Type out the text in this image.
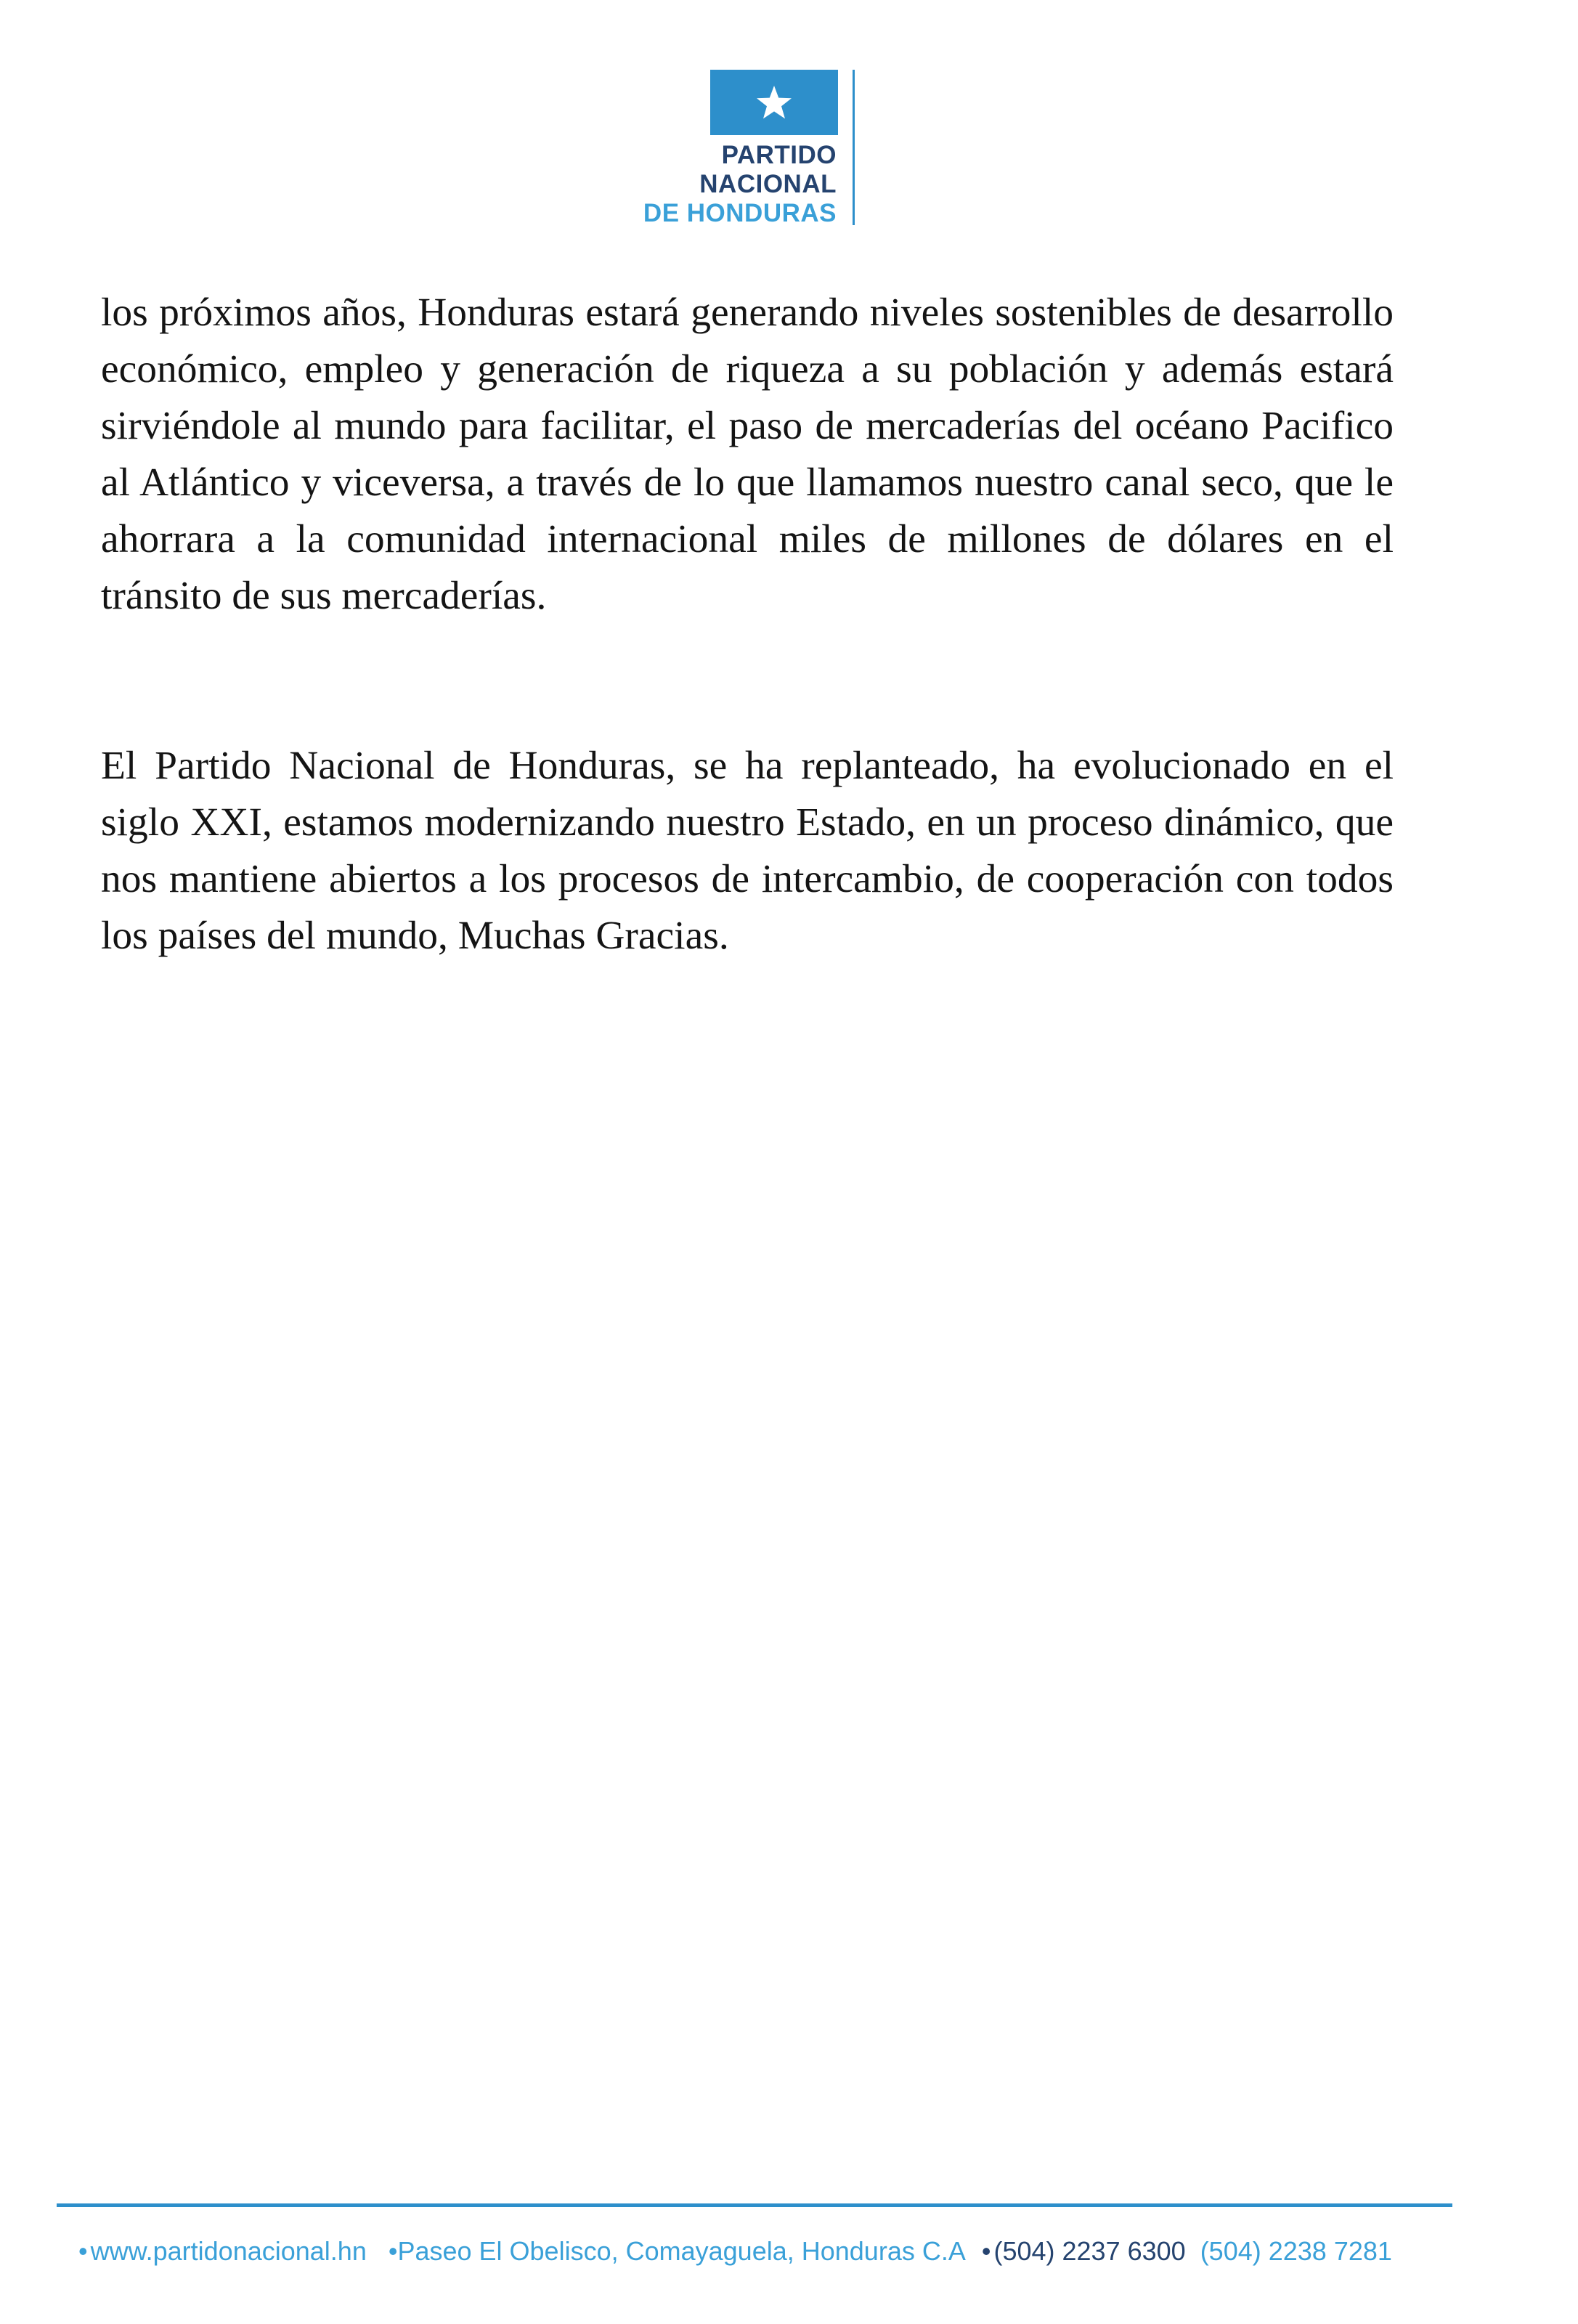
PARTIDO
NACIONAL
DE HONDURAS

los próximos años, Honduras estará generando niveles sostenibles de desarrollo económico, empleo y generación de riqueza a su población y además estará sirviéndole al mundo para facilitar, el paso de mercaderías del océano Pacifico al Atlántico y viceversa, a través de lo que llamamos nuestro canal seco, que le ahorrara a la comunidad internacional miles de millones de dólares en el tránsito de sus mercaderías.

El Partido Nacional de Honduras, se ha replanteado, ha evolucionado en el siglo XXI, estamos modernizando nuestro Estado, en un proceso dinámico, que nos mantiene abiertos a los procesos de intercambio, de cooperación con todos los países del mundo, Muchas Gracias.

• www.partidonacional.hn •Paseo El Obelisco, Comayaguela, Honduras C.A • (504) 2237 6300 (504) 2238 7281
